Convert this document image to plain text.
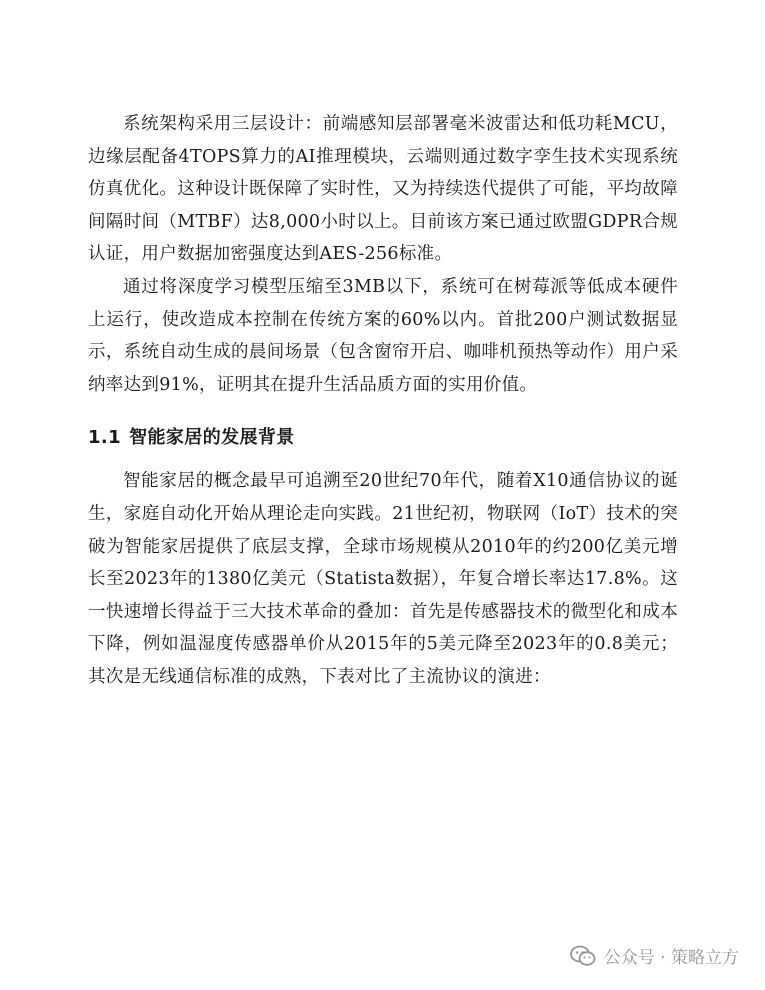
系统架构采用三层设计：前端感知层部署毫米波雷达和低功耗MCU，边缘层配备4TOPS算力的AI推理模块，云端则通过数字孪生技术实现系统仿真优化。这种设计既保障了实时性，又为持续迭代提供了可能，平均故障间隔时间（MTBF）达8,000小时以上。目前该方案已通过欧盟GDPR合规认证，用户数据加密强度达到AES-256标准。

通过将深度学习模型压缩至3MB以下，系统可在树莓派等低成本硬件上运行，使改造成本控制在传统方案的60%以内。首批200户测试数据显示，系统自动生成的晨间场景（包含窗帘开启、咖啡机预热等动作）用户采纳率达到91%，证明其在提升生活品质方面的实用价值。

1.1 智能家居的发展背景

智能家居的概念最早可追溯至20世纪70年代，随着X10通信协议的诞生，家庭自动化开始从理论走向实践。21世纪初，物联网（IoT）技术的突破为智能家居提供了底层支撑，全球市场规模从2010年的约200亿美元增长至2023年的1380亿美元（Statista数据），年复合增长率达17.8%。这一快速增长得益于三大技术革命的叠加：首先是传感器技术的微型化和成本下降，例如温湿度传感器单价从2015年的5美元降至2023年的0.8美元；其次是无线通信标准的成熟，下表对比了主流协议的演进：

公众号 · 策略立方
